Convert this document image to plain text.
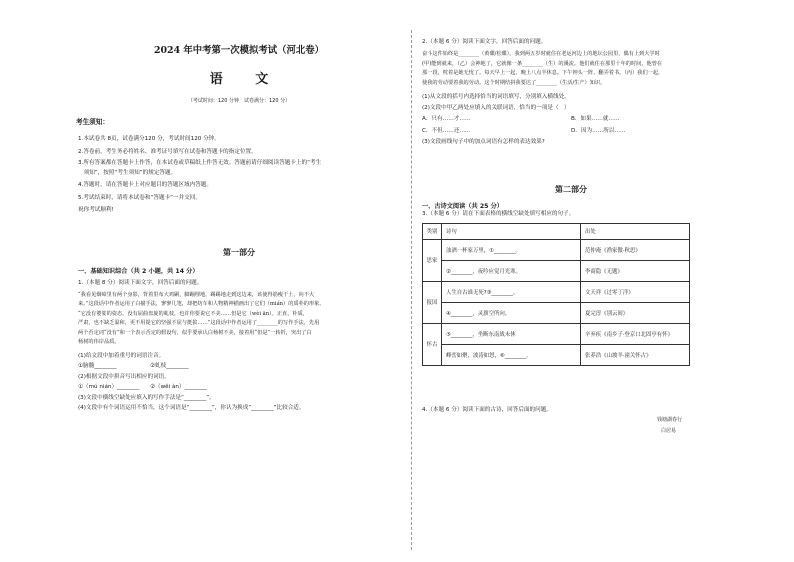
2024 年中考第一次模拟考试（河北卷）

语 文

（考试时间：120 分钟　试卷满分：120 分）

考生须知：

1.本试卷共 8页，试卷满分120 分，考试时间120 分钟。

2.答卷前，考生务必将姓名、准考证号填写在试卷和答题卡的指定位置。

3.所有答案都在答题卡上作答，在本试卷或草稿纸上作答无效。答题前请仔细阅读答题卡上的“考生

　须知”，按照“考生须知”的规定答题。

4.答题时，请在答题卡上对应题目的答题区域内答题。

5.考试结束时，请将本试卷和“答题卡”一并交回。

祝你考试顺利!

第一部分

一、基础知识综合（共 2 小题，共 14 分）

1.（本题 8 分）阅读下面文字，回答后面的问题。

“我看见烟瘴里有两个身影，背着里布大鸡嗣，脚蹦埋地，踢踢地走到这边来，该使得筋瘦干土，向不大

来。”这段话中作者运用了白描手法，寥寥几笔，却把纺车和人物精神描画出了它们（mián）的质朴的形象。

“它没有婆娑的姿态，没有屈曲盘旋的虬枝，也许你要说它不美……但是它（wèi ān）。正直，朴质，

严肃，也不缺乏温和，更不用提它的坚强不屈与挺拔……”这段话中作者运用了________的写作手法，先用

两个否定词“没有”和一个表示否定的假设句，似乎要承认白杨树不美，接着用“但是”一转折，突出了白

杨树的伟岸品质。

(1)给文段中加着重号的词语注音。

①脑髓________	②虬枝________

(2)根据文段中拼音写出相应的词语。

①（mú nián）________	②（wěi àn）________

(3)文段中横线空缺处应填入的写作手法是“________”。

(4)文段中有个词语运用不恰当，这个词语是“________”，你认为换成“________”比较合适。

2.（本题 6 分）阅读下面文字，回答后面的问题。

奋斗这件始终是________（黄碟/松碟）。我到两五岁时就住在老运河边上的地坛公园里，偶有上到大学时

(甲)能到就来，（乙）会神地了，它就像一条________（生）的溪流。他们就住在那里十年的时间，他曾在

那一段，枕着是她无忧了。每天早上一起，晚上八点半休息。下午钟头一阵，翻弄着书。（丙）我们一起，

使我的劳动要着我的劳动。这个时期结拼我要达了________（生活/生产）知识。

(1)从文段的括号内选择恰当的词语填写，分别填入横线处。

(2)文段中甲乙两处应填入的关联词语，恰当的一项是（　）

A．只有……才……	B．如果……就……
C．不但……还……	D．因为……所以……

(3)文段画线句子中的加点词语有怎样的表达效果?

第二部分

一、古诗文阅读（共 25 分）

3.（本题 6 分）请在下面表格的横线空缺处填写相应的句子。

类别	诗句	出处
思家	浊酒一杯家万里，①________。	范仲淹《渔家傲·秋思》
	②________，夜吟应觉月光寒。	李商隐《无题》
报国	人生自古谁无死?③________。	文天祥《过零丁洋》
	④________，灵旗空所向。	夏完淳《别云间》
怀古	⑤________，坐断东南战未休	辛弃疾《南乡子·登京口北固亭有怀》
	峰峦如聚，波涛如怒，⑥________。	张养浩《山坡羊·潼关怀古》

4.（本题 6 分）阅读下面的古诗，回答后面的问题。

钱塘湖春行

白居易
